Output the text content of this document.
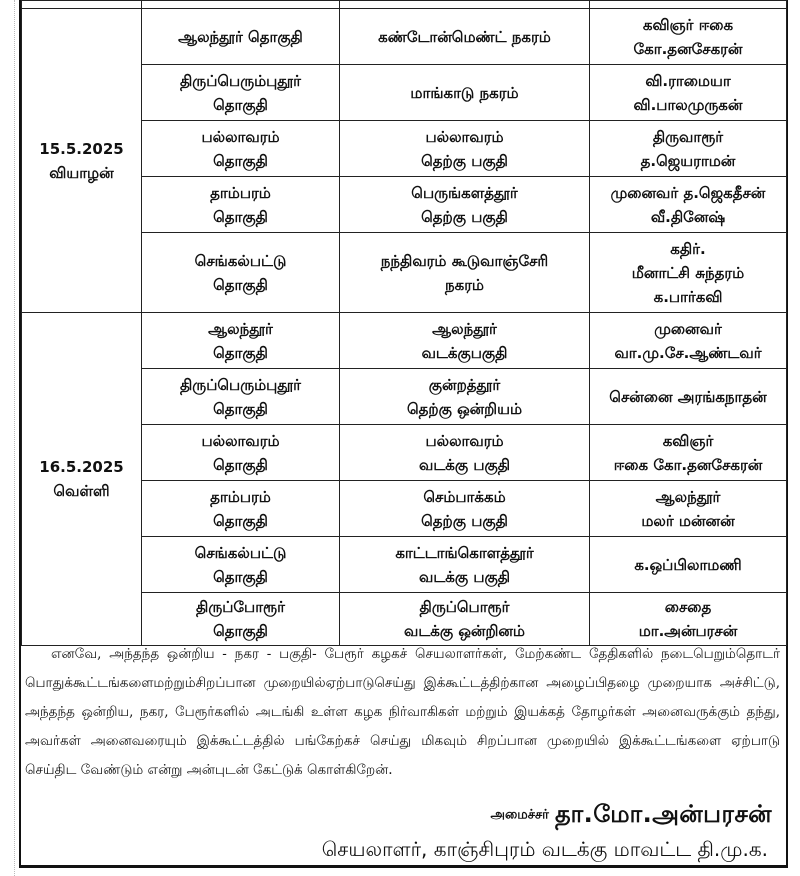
15.5.2025
வியாழன்	ஆலந்தூர் தொகுதி	கண்டோன்மெண்ட் நகரம்	கவிஞர் ஈகை
கோ.தனசேகரன்

	திருப்பெரும்புதூர்
தொகுதி	மாங்காடு நகரம்	வி.ராமையா
வி.பாலமுருகன்

	பல்லாவரம்
தொகுதி	பல்லாவரம்
தெற்கு பகுதி	திருவாரூர்
த.ஜெயராமன்

	தாம்பரம்
தொகுதி	பெருங்களத்தூர்
தெற்கு பகுதி	முனைவர் த.ஜெகதீசன்
வீ.தினேஷ்

	செங்கல்பட்டு
தொகுதி	நந்திவரம் கூடுவாஞ்சேரி
நகரம்	கதிர்.
மீனாட்சி சுந்தரம்
க.பார்கவி

16.5.2025
வெள்ளி	ஆலந்தூர்
தொகுதி	ஆலந்தூர்
வடக்குபகுதி	முனைவர்
வா.மு.சே.ஆண்டவர்

	திருப்பெரும்புதூர்
தொகுதி	குன்றத்தூர்
தெற்கு ஒன்றியம்	சென்னை அரங்கநாதன்

	பல்லாவரம்
தொகுதி	பல்லாவரம்
வடக்கு பகுதி	கவிஞர்
ஈகை கோ.தனசேகரன்

	தாம்பரம்
தொகுதி	செம்பாக்கம்
தெற்கு பகுதி	ஆலந்தூர்
மலர் மன்னன்

	செங்கல்பட்டு
தொகுதி	காட்டாங்கொளத்தூர்
வடக்கு பகுதி	க.ஒப்பிலாமணி

	திருப்போரூர்
தொகுதி	திருப்பொரூர்
வடக்கு ஒன்றினம்	சைதை
மா.அன்பரசன்

எனவே, அந்தந்த ஒன்றிய - நகர - பகுதி- பேரூர் கழகச் செயலாளர்கள், மேற்கண்ட தேதிகளில் நடைபெறும்தொடர் பொதுக்கூட்டங்களைமற்றும்சிறப்பான முறையில்ஏற்பாடுசெய்து இக்கூட்டத்திற்கான அழைப்பிதழை முறையாக அச்சிட்டு, அந்தந்த ஒன்றிய, நகர, பேரூர்களில் அடங்கி உள்ள கழக நிர்வாகிகள் மற்றும் இயக்கத் தோழர்கள் அனைவருக்கும் தந்து, அவர்கள் அனைவரையும் இக்கூட்டத்தில் பங்கேற்கச் செய்து மிகவும் சிறப்பான முறையில் இக்கூட்டங்களை ஏற்பாடு செய்திட வேண்டும் என்று அன்புடன் கேட்டுக் கொள்கிறேன்.

அமைச்சர் தா.மோ.அன்பரசன்
செயலாளர், காஞ்சிபுரம் வடக்கு மாவட்ட தி.மு.க.
